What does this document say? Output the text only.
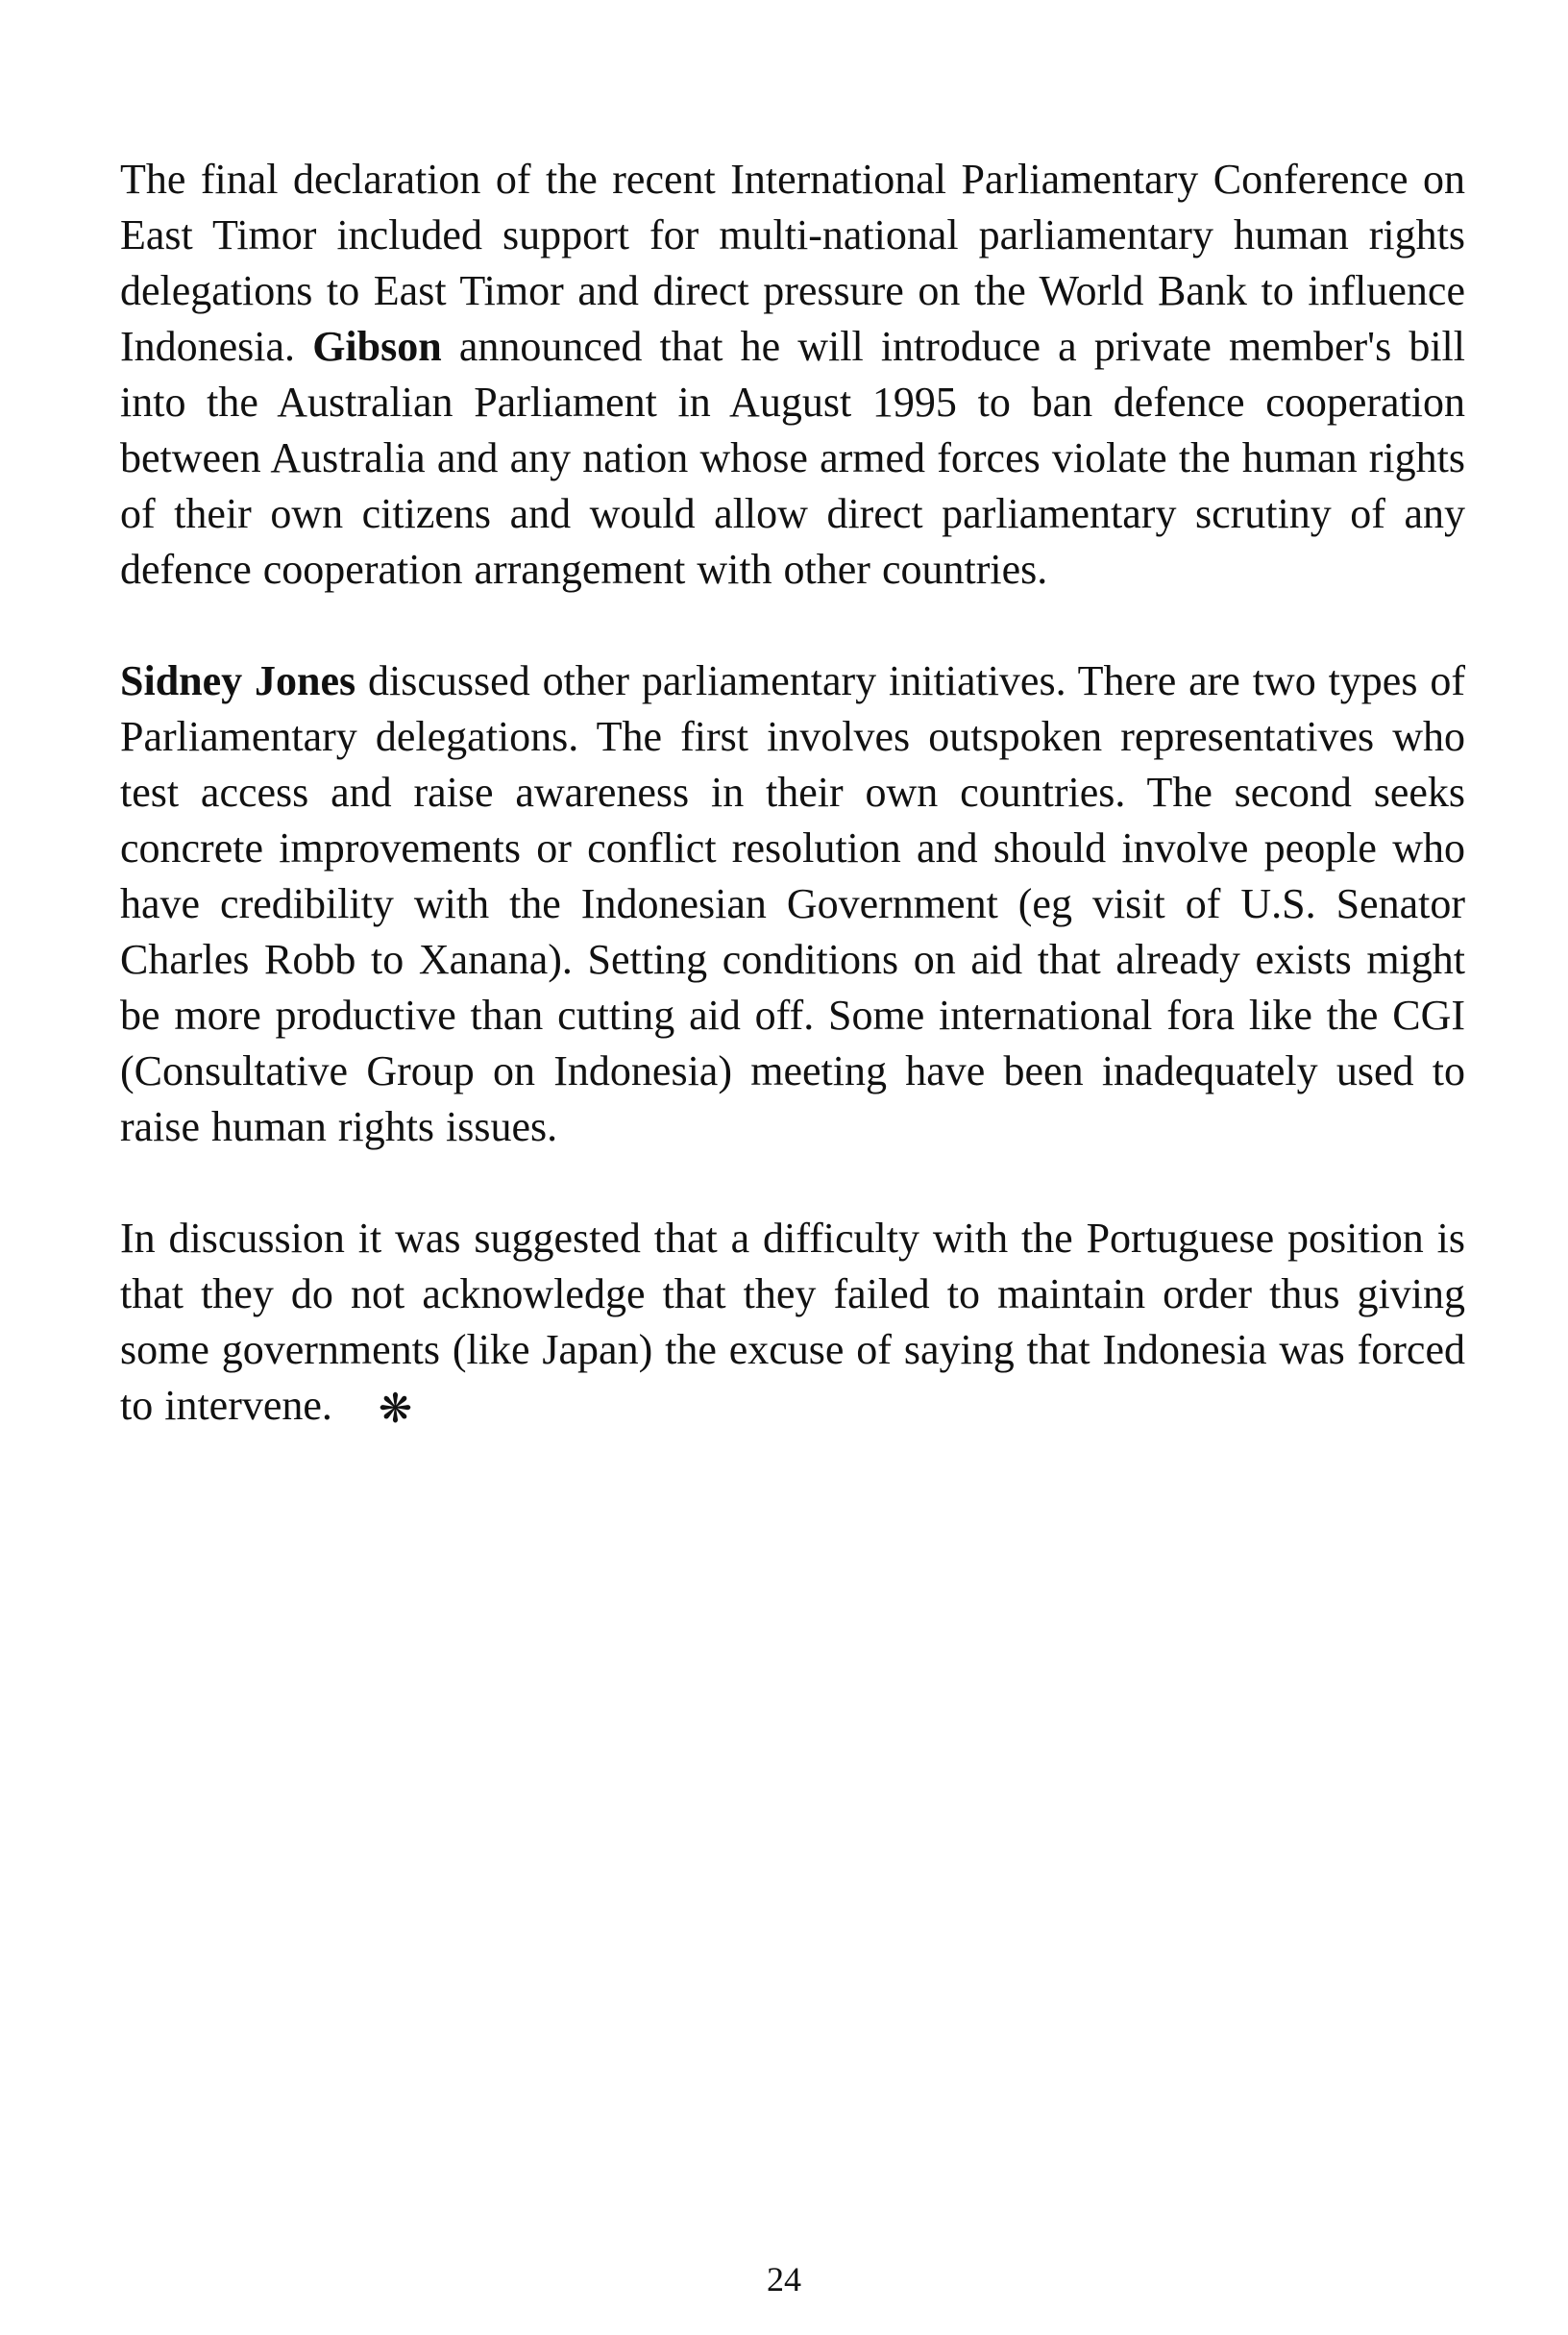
The final declaration of the recent International Parliamentary Conference on East Timor included support for multi-national parliamentary human rights delegations to East Timor and direct pressure on the World Bank to influence Indonesia. Gibson announced that he will introduce a private member's bill into the Australian Parliament in August 1995 to ban defence cooperation between Australia and any nation whose armed forces violate the human rights of their own citizens and would allow direct parliamentary scrutiny of any defence cooperation arrangement with other countries.

Sidney Jones discussed other parliamentary initiatives. There are two types of Parliamentary delegations. The first involves outspoken representatives who test access and raise awareness in their own countries. The second seeks concrete improvements or conflict resolution and should involve people who have credibility with the Indonesian Government (eg visit of U.S. Senator Charles Robb to Xanana). Setting conditions on aid that already exists might be more productive than cutting aid off. Some international fora like the CGI (Consultative Group on Indonesia) meeting have been inadequately used to raise human rights issues.

In discussion it was suggested that a difficulty with the Portuguese position is that they do not acknowledge that they failed to maintain order thus giving some governments (like Japan) the excuse of saying that Indonesia was forced to intervene. ❋

24
